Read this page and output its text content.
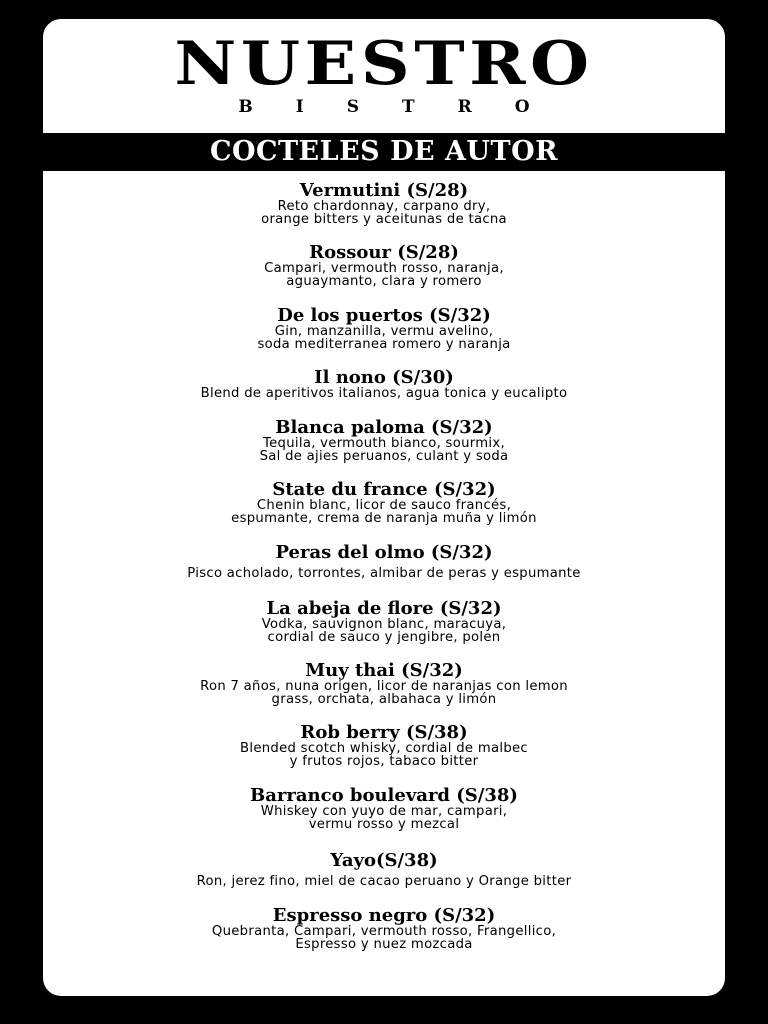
NUESTRO
BISTRO
COCTELES DE AUTOR
Vermutini (S/28)
Reto chardonnay, carpano dry,
orange bitters y aceitunas de tacna
Rossour (S/28)
Campari, vermouth rosso, naranja,
aguaymanto, clara y romero
De los puertos (S/32)
Gin, manzanilla, vermu avelino,
soda mediterranea romero y naranja
Il nono (S/30)
Blend de aperitivos italianos, agua tonica y eucalipto
Blanca paloma (S/32)
Tequila, vermouth bianco, sourmix,
Sal de ajies peruanos, culant y soda
State du france (S/32)
Chenin blanc, licor de sauco francés,
espumante, crema de naranja muña y limón
Peras del olmo (S/32)
Pisco acholado, torrontes, almibar de peras y espumante
La abeja de flore (S/32)
Vodka, sauvignon blanc, maracuya,
cordial de sauco y jengibre, polen
Muy thai (S/32)
Ron 7 años, nuna origen, licor de naranjas con lemon
grass, orchata, albahaca y limón
Rob berry (S/38)
Blended scotch whisky, cordial de malbec
y frutos rojos, tabaco bitter
Barranco boulevard (S/38)
Whiskey con yuyo de mar, campari,
vermu rosso y mezcal
Yayo(S/38)
Ron, jerez fino, miel de cacao peruano y Orange bitter
Espresso negro (S/32)
Quebranta, Campari, vermouth rosso, Frangellico,
Espresso y nuez mozcada
